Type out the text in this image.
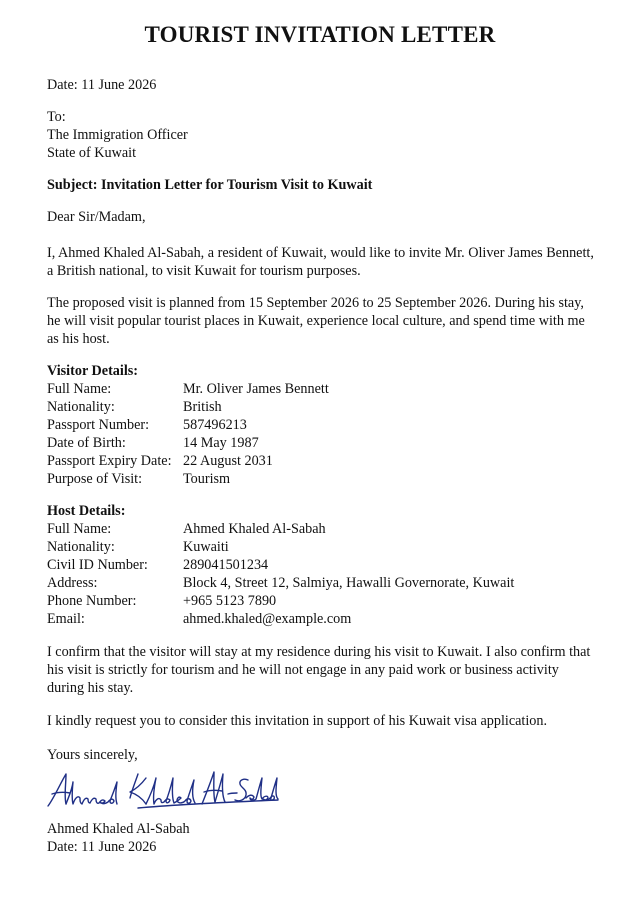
TOURIST INVITATION LETTER
Date: 11 June 2026
To:
The Immigration Officer
State of Kuwait
Subject: Invitation Letter for Tourism Visit to Kuwait
Dear Sir/Madam,
I, Ahmed Khaled Al-Sabah, a resident of Kuwait, would like to invite Mr. Oliver James Bennett, a British national, to visit Kuwait for tourism purposes.
The proposed visit is planned from 15 September 2026 to 25 September 2026. During his stay, he will visit popular tourist places in Kuwait, experience local culture, and spend time with me as his host.
Visitor Details:
Full Name:	Mr. Oliver James Bennett
Nationality:	British
Passport Number: 587496213
Date of Birth:	14 May 1987
Passport Expiry Date: 22 August 2031
Purpose of Visit:	Tourism
Host Details:
Full Name:	Ahmed Khaled Al-Sabah
Nationality:	Kuwaiti
Civil ID Number: 289041501234
Address:	Block 4, Street 12, Salmiya, Hawalli Governorate, Kuwait
Phone Number:	+965 5123 7890
Email:	ahmed.khaled@example.com
I confirm that the visitor will stay at my residence during his visit to Kuwait. I also confirm that his visit is strictly for tourism and he will not engage in any paid work or business activity during his stay.
I kindly request you to consider this invitation in support of his Kuwait visa application.
Yours sincerely,
Ahmed Khaled Al-Sabah
Date: 11 June 2026
